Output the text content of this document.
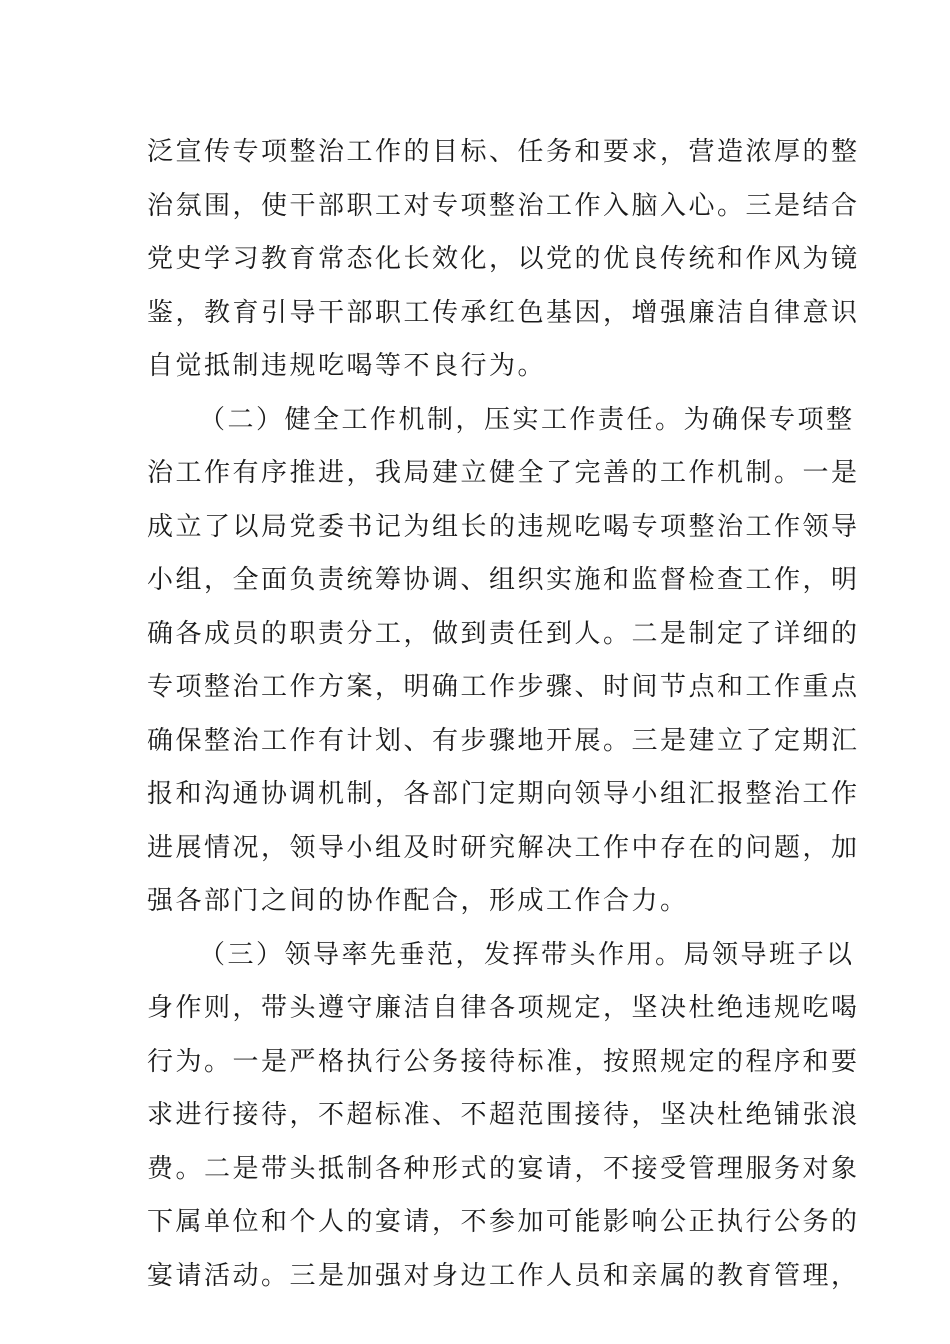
泛宣传专项整治工作的目标、任务和要求，营造浓厚的整
治氛围，使干部职工对专项整治工作入脑入心。三是结合
党史学习教育常态化长效化，以党的优良传统和作风为镜
鉴，教育引导干部职工传承红色基因，增强廉洁自律意识
自觉抵制违规吃喝等不良行为。
（二）健全工作机制，压实工作责任。为确保专项整
治工作有序推进，我局建立健全了完善的工作机制。一是
成立了以局党委书记为组长的违规吃喝专项整治工作领导
小组，全面负责统筹协调、组织实施和监督检查工作，明
确各成员的职责分工，做到责任到人。二是制定了详细的
专项整治工作方案，明确工作步骤、时间节点和工作重点
确保整治工作有计划、有步骤地开展。三是建立了定期汇
报和沟通协调机制，各部门定期向领导小组汇报整治工作
进展情况，领导小组及时研究解决工作中存在的问题，加
强各部门之间的协作配合，形成工作合力。
（三）领导率先垂范，发挥带头作用。局领导班子以
身作则，带头遵守廉洁自律各项规定，坚决杜绝违规吃喝
行为。一是严格执行公务接待标准，按照规定的程序和要
求进行接待，不超标准、不超范围接待，坚决杜绝铺张浪
费。二是带头抵制各种形式的宴请，不接受管理服务对象
下属单位和个人的宴请，不参加可能影响公正执行公务的
宴请活动。三是加强对身边工作人员和亲属的教育管理，
